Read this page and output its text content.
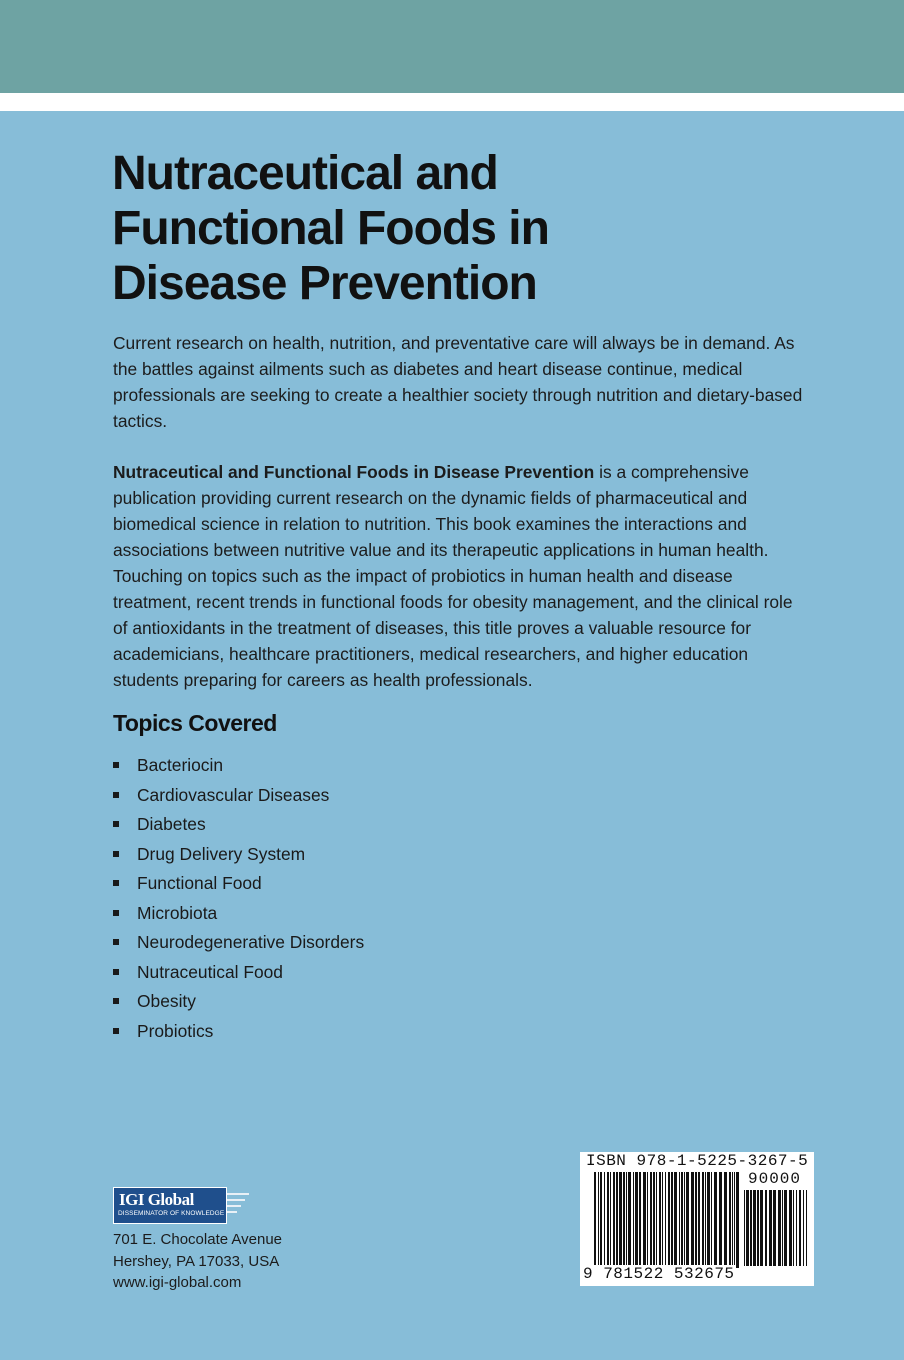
Nutraceutical and
Functional Foods in
Disease Prevention

Current research on health, nutrition, and preventative care will always be in demand. As the battles against ailments such as diabetes and heart disease continue, medical professionals are seeking to create a healthier society through nutrition and dietary-based tactics.

Nutraceutical and Functional Foods in Disease Prevention is a comprehensive publication providing current research on the dynamic fields of pharmaceutical and biomedical science in relation to nutrition. This book examines the interactions and associations between nutritive value and its therapeutic applications in human health. Touching on topics such as the impact of probiotics in human health and disease treatment, recent trends in functional foods for obesity management, and the clinical role of antioxidants in the treatment of diseases, this title proves a valuable resource for academicians, healthcare practitioners, medical researchers, and higher education students preparing for careers as health professionals.

Topics Covered
Bacteriocin
Cardiovascular Diseases
Diabetes
Drug Delivery System
Functional Food
Microbiota
Neurodegenerative Disorders
Nutraceutical Food
Obesity
Probiotics
IGI Global
DISSEMINATOR OF KNOWLEDGE
701 E. Chocolate Avenue
Hershey, PA 17033, USA
www.igi-global.com
ISBN 978-1-5225-3267-5
90000
9 781522 532675
